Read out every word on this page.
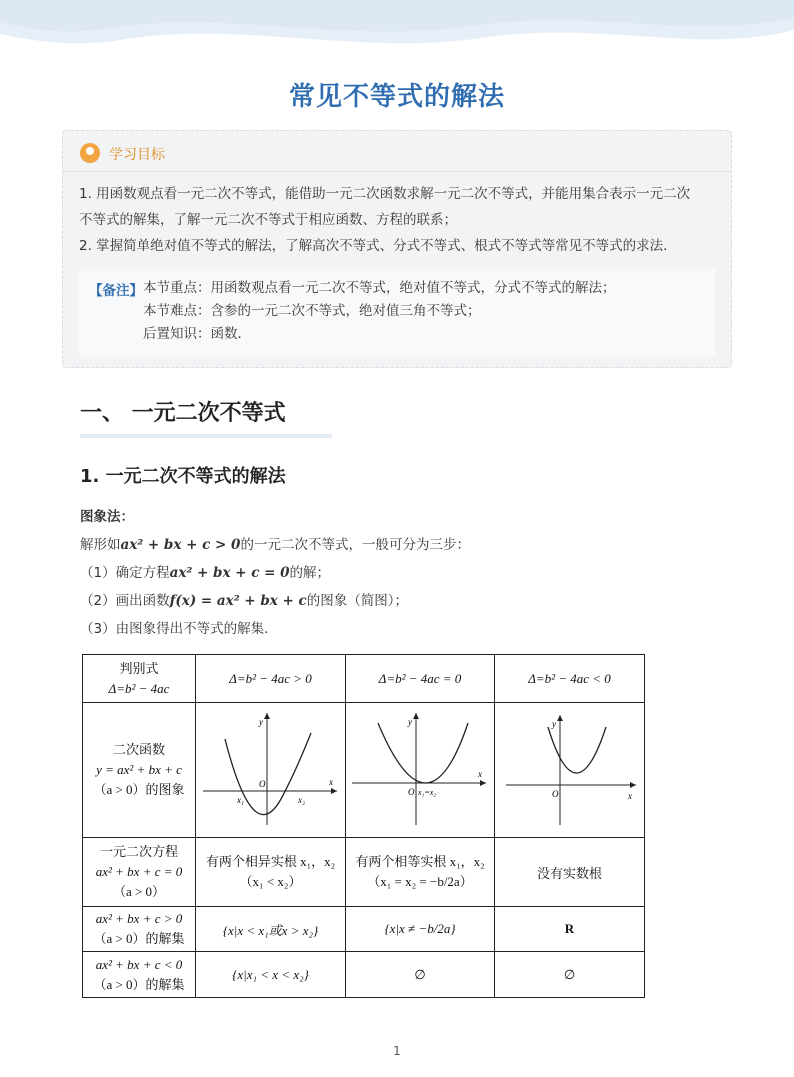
常见不等式的解法
学习目标
1. 用函数观点看一元二次不等式，能借助一元二次函数求解一元二次不等式，并能用集合表示一元二次
不等式的解集，了解一元二次不等式于相应函数、方程的联系；
2. 掌握简单绝对值不等式的解法，了解高次不等式、分式不等式、根式不等式等常见不等式的求法．
【备注】 本节重点：用函数观点看一元二次不等式，绝对值不等式，分式不等式的解法；
本节难点：含参的一元二次不等式，绝对值三角不等式；
后置知识：函数．
一、 一元二次不等式
1. 一元二次不等式的解法
图象法：
解形如ax² + bx + c > 0的一元二次不等式，一般可分为三步：
（1）确定方程ax² + bx + c = 0的解；
（2）画出函数f(x) = ax² + bx + c的图象（简图）；
（3）由图象得出不等式的解集.
判别式
Δ=b² − 4ac	Δ=b² − 4ac > 0	Δ=b² − 4ac = 0	Δ=b² − 4ac < 0

二次函数
y = ax² + bx + c
（a > 0）的图象	y
x
O
x₁ x₂	y
x
O x₁=x₂	y
x
O

一元二次方程
ax² + bx + c = 0
（a > 0）	有两个相异实根 x₁，x₂
（x₁ < x₂）	有两个相等实根 x₁，x₂
（x₁ = x₂ = −b/2a）	没有实数根

ax² + bx + c > 0
（a > 0）的解集	{x|x < x₁或x > x₂}	{x|x ≠ −b/2a}	R

ax² + bx + c < 0
（a > 0）的解集	{x|x₁ < x < x₂}	∅	∅
1
